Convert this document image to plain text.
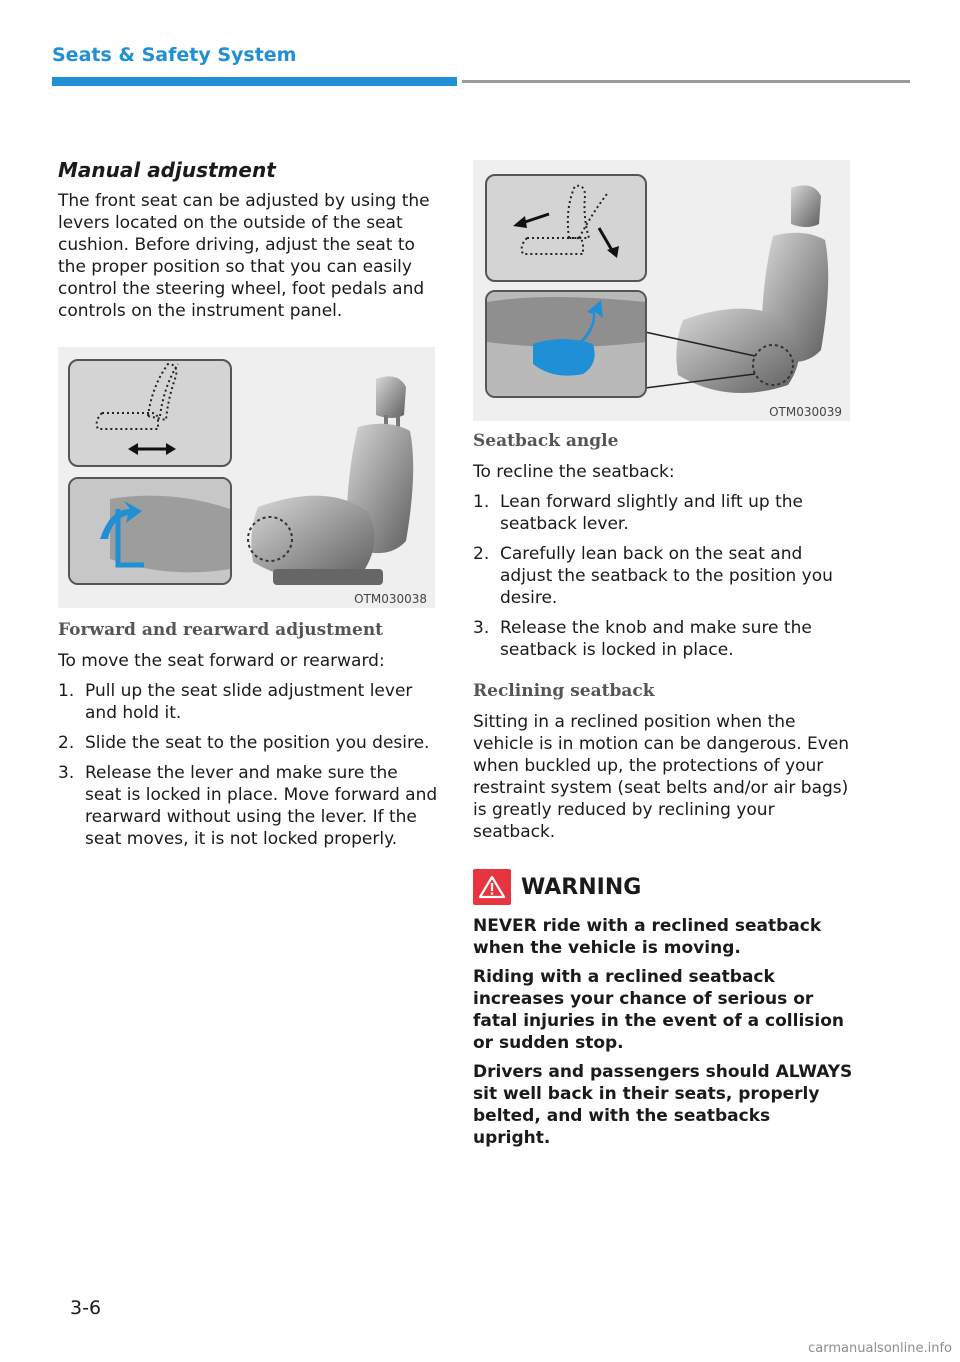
Seats & Safety System
Manual adjustment

The front seat can be adjusted by using the levers located on the outside of the seat cushion. Before driving, adjust the seat to the proper position so that you can easily control the steering wheel, foot pedals and controls on the instrument panel.

OTM030038
Forward and rearward adjustment

To move the seat forward or rearward:

1. Pull up the seat slide adjustment lever and hold it.
2. Slide the seat to the position you desire.
3. Release the lever and make sure the seat is locked in place. Move forward and rearward without using the lever. If the seat moves, it is not locked properly.
OTM030039
Seatback angle

To recline the seatback:

1. Lean forward slightly and lift up the seatback lever.
2. Carefully lean back on the seat and adjust the seatback to the position you desire.
3. Release the knob and make sure the seatback is locked in place.
Reclining seatback

Sitting in a reclined position when the vehicle is in motion can be dangerous. Even when buckled up, the protections of your restraint system (seat belts and/or air bags) is greatly reduced by reclining your seatback.

WARNING

NEVER ride with a reclined seatback when the vehicle is moving.

Riding with a reclined seatback increases your chance of serious or fatal injuries in the event of a collision or sudden stop.

Drivers and passengers should ALWAYS sit well back in their seats, properly belted, and with the seatbacks upright.

3-6
carmanualsonline.info
